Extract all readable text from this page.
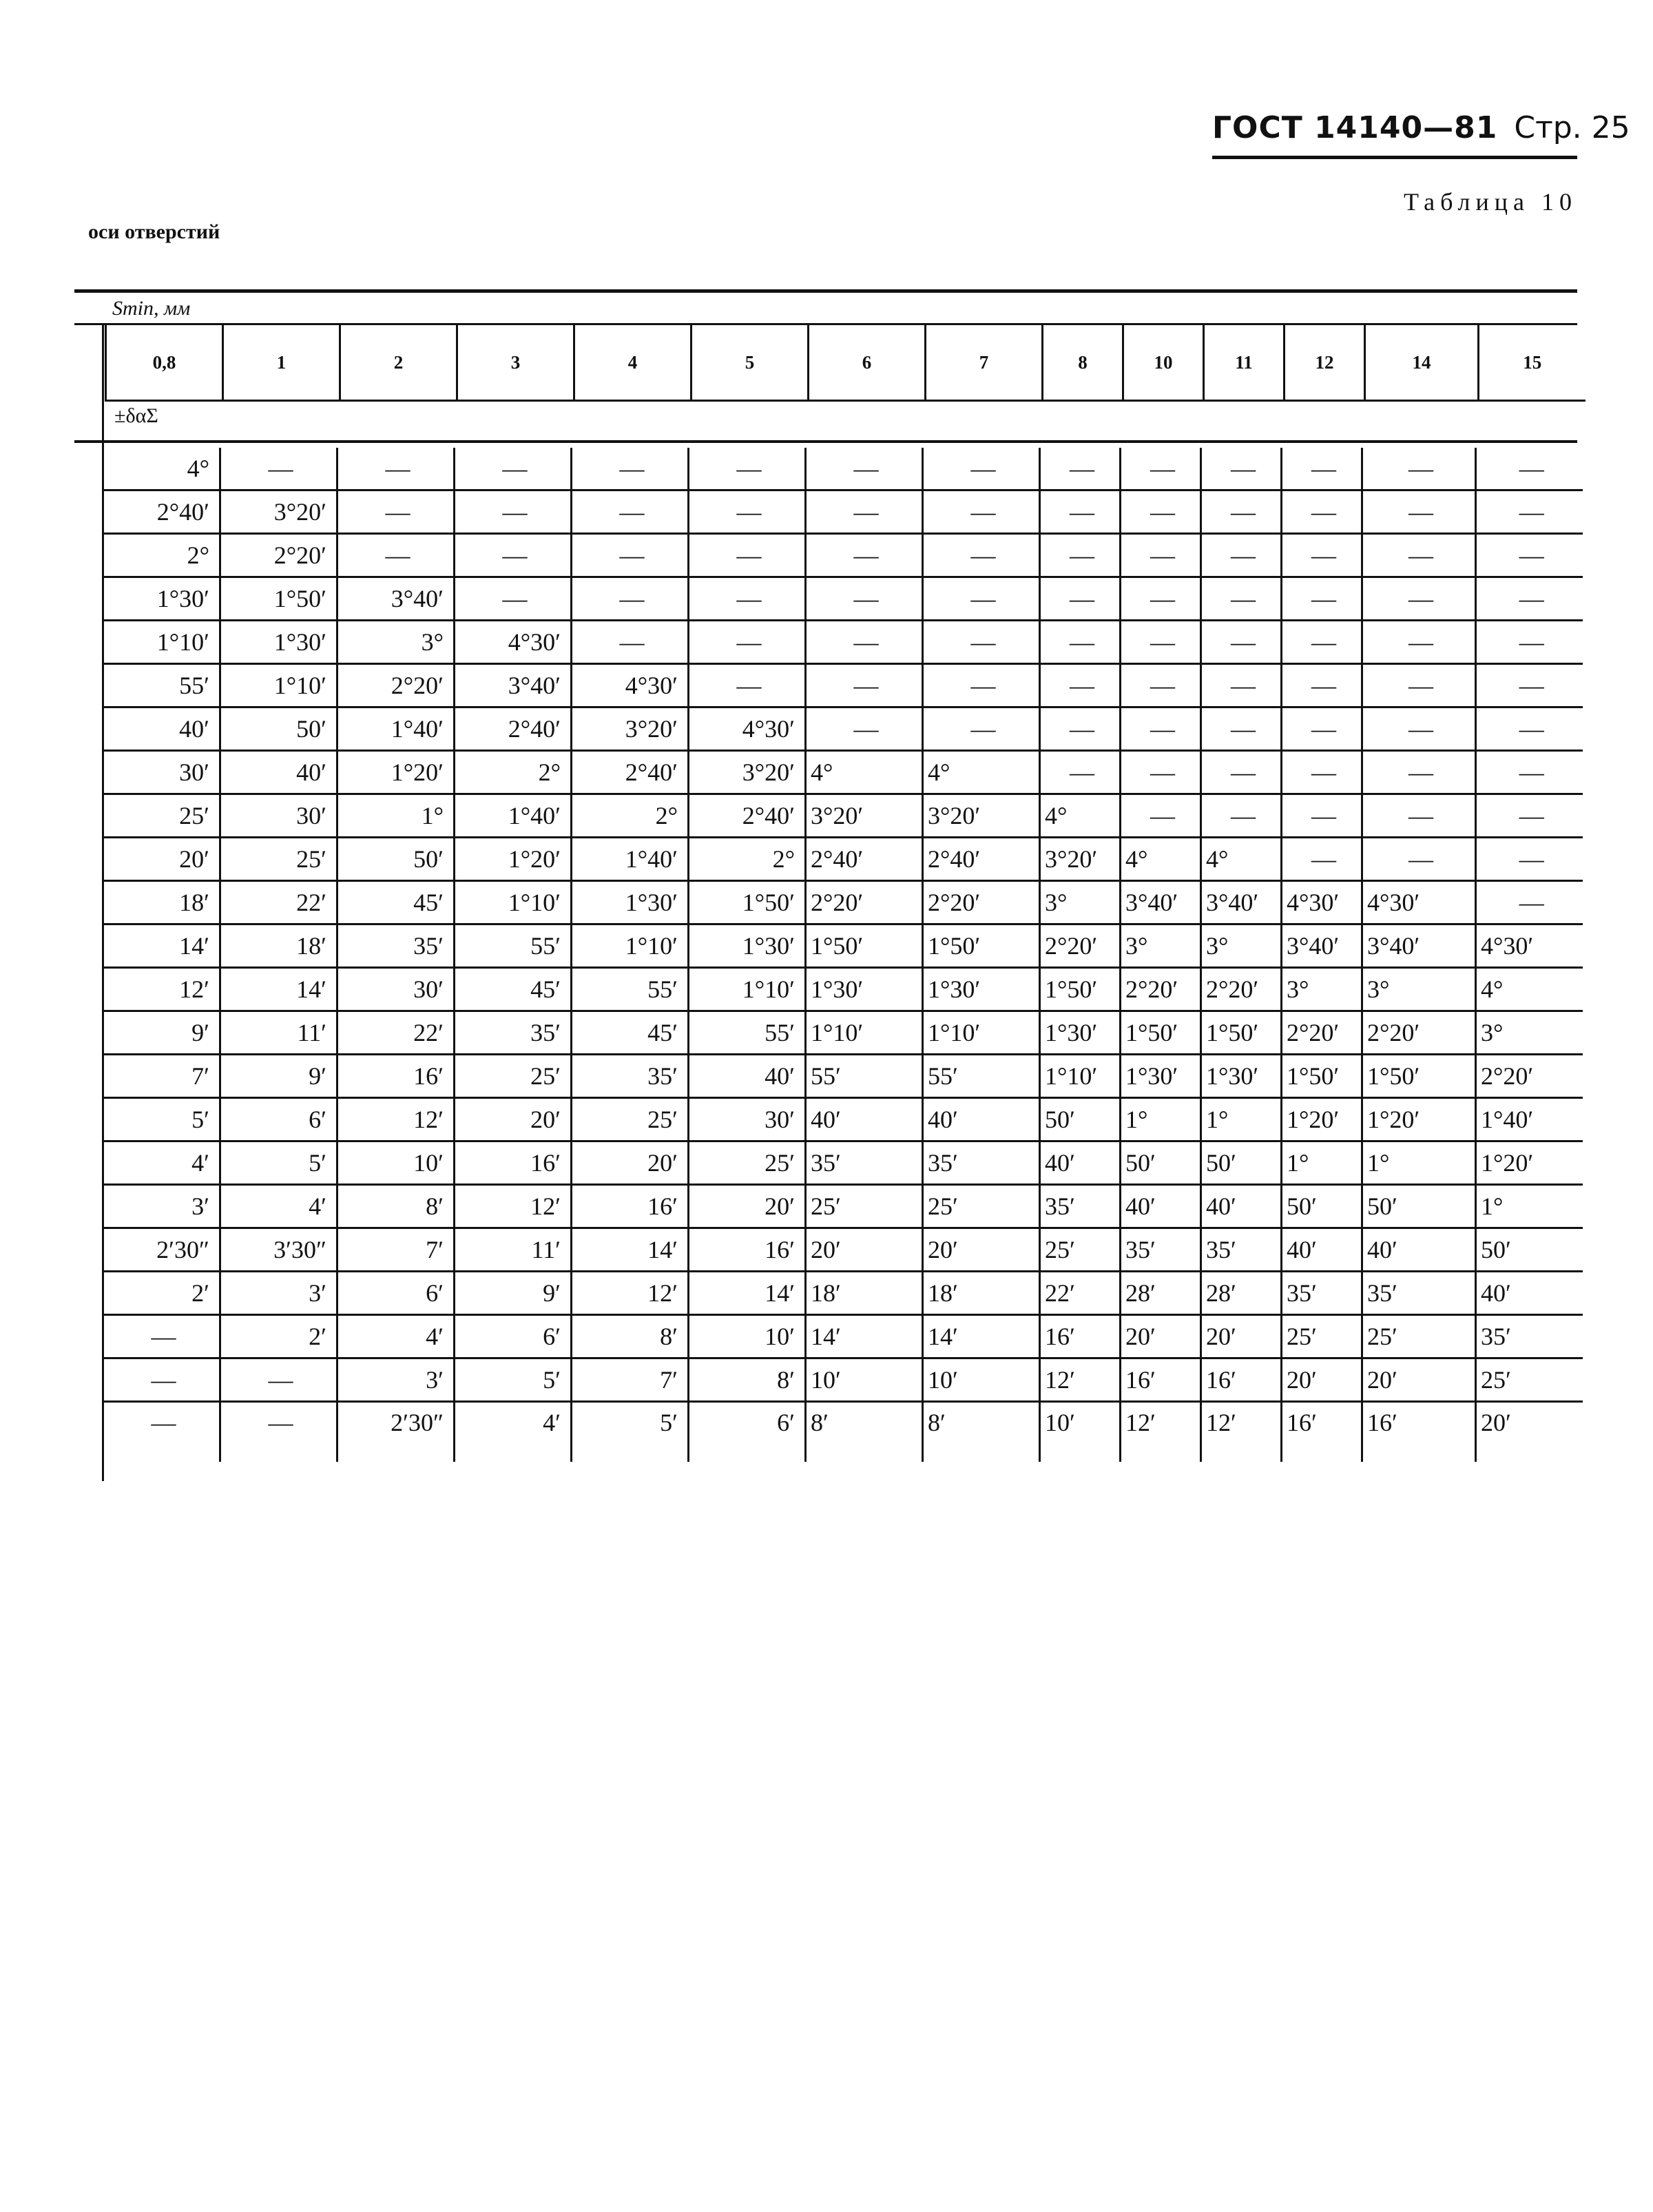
ГОСТ 14140—81 Стр. 25
Таблица 10
оси отверстий
Smin, мм
0,8	1	2	3	4	5	6	7	8	10	11	12	14	15
±δαΣ
4°	—	—	—	—	—	—	—	—	—	—	—	—	—
2°40′	3°20′	—	—	—	—	—	—	—	—	—	—	—	—
2°	2°20′	—	—	—	—	—	—	—	—	—	—	—	—
1°30′	1°50′	3°40′	—	—	—	—	—	—	—	—	—	—	—
1°10′	1°30′	3°	4°30′	—	—	—	—	—	—	—	—	—	—
55′	1°10′	2°20′	3°40′	4°30′	—	—	—	—	—	—	—	—	—
40′	50′	1°40′	2°40′	3°20′	4°30′	—	—	—	—	—	—	—	—
30′	40′	1°20′	2°	2°40′	3°20′	4°	4°	—	—	—	—	—	—
25′	30′	1°	1°40′	2°	2°40′	3°20′	3°20′	4°	—	—	—	—	—
20′	25′	50′	1°20′	1°40′	2°	2°40′	2°40′	3°20′	4°	4°	—	—	—
18′	22′	45′	1°10′	1°30′	1°50′	2°20′	2°20′	3°	3°40′	3°40′	4°30′	4°30′	—
14′	18′	35′	55′	1°10′	1°30′	1°50′	1°50′	2°20′	3°	3°	3°40′	3°40′	4°30′
12′	14′	30′	45′	55′	1°10′	1°30′	1°30′	1°50′	2°20′	2°20′	3°	3°	4°
9′	11′	22′	35′	45′	55′	1°10′	1°10′	1°30′	1°50′	1°50′	2°20′	2°20′	3°
7′	9′	16′	25′	35′	40′	55′	55′	1°10′	1°30′	1°30′	1°50′	1°50′	2°20′
5′	6′	12′	20′	25′	30′	40′	40′	50′	1°	1°	1°20′	1°20′	1°40′
4′	5′	10′	16′	20′	25′	35′	35′	40′	50′	50′	1°	1°	1°20′
3′	4′	8′	12′	16′	20′	25′	25′	35′	40′	40′	50′	50′	1°
2′30″	3′30″	7′	11′	14′	16′	20′	20′	25′	35′	35′	40′	40′	50′
2′	3′	6′	9′	12′	14′	18′	18′	22′	28′	28′	35′	35′	40′
—	2′	4′	6′	8′	10′	14′	14′	16′	20′	20′	25′	25′	35′
—	—	3′	5′	7′	8′	10′	10′	12′	16′	16′	20′	20′	25′
—	—	2′30″	4′	5′	6′	8′	8′	10′	12′	12′	16′	16′	20′
